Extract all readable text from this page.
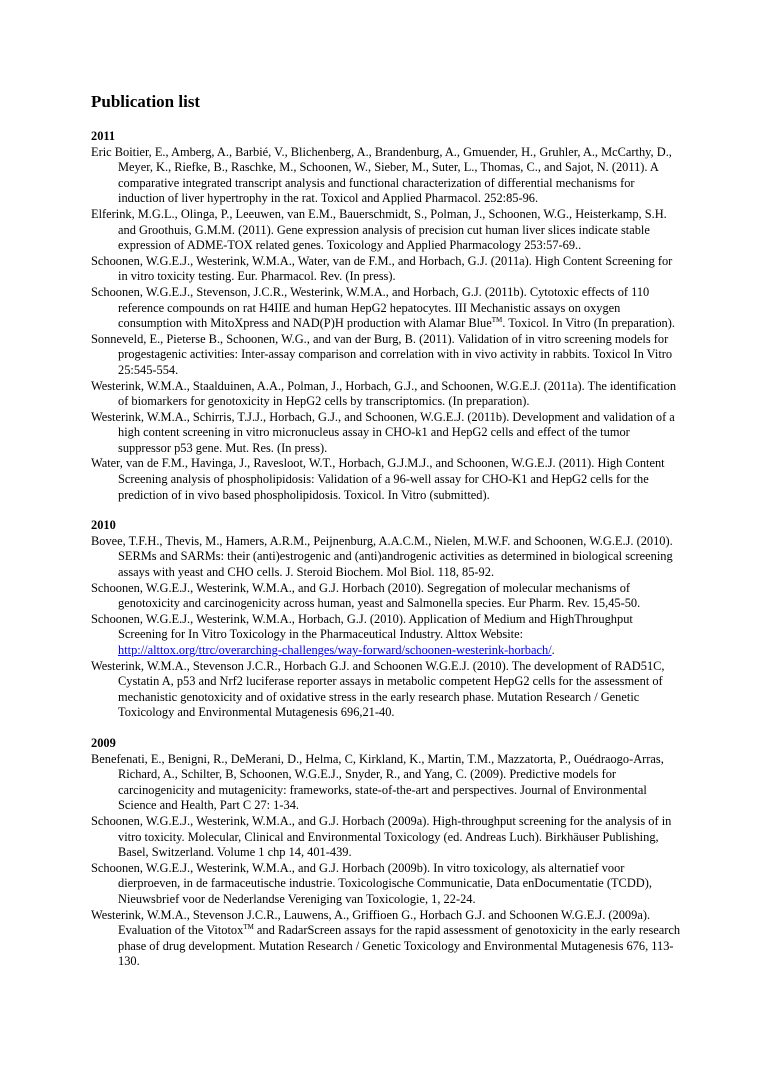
Publication list

2011

Eric Boitier, E., Amberg, A., Barbié, V., Blichenberg, A., Brandenburg, A., Gmuender, H., Gruhler, A., McCarthy, D., Meyer, K., Riefke, B., Raschke, M., Schoonen, W., Sieber, M., Suter, L., Thomas, C., and Sajot, N. (2011). A comparative integrated transcript analysis and functional characterization of differential mechanisms for induction of liver hypertrophy in the rat. Toxicol and Applied Pharmacol. 252:85-96.

Elferink, M.G.L., Olinga, P., Leeuwen, van E.M., Bauerschmidt, S., Polman, J., Schoonen, W.G., Heisterkamp, S.H. and Groothuis, G.M.M. (2011). Gene expression analysis of precision cut human liver slices indicate stable expression of ADME-TOX related genes. Toxicology and Applied Pharmacology 253:57-69..

Schoonen, W.G.E.J., Westerink, W.M.A., Water, van de F.M., and Horbach, G.J. (2011a). High Content Screening for in vitro toxicity testing. Eur. Pharmacol. Rev. (In press).

Schoonen, W.G.E.J., Stevenson, J.C.R., Westerink, W.M.A., and Horbach, G.J. (2011b). Cytotoxic effects of 110 reference compounds on rat H4IIE and human HepG2 hepatocytes. III Mechanistic assays on oxygen consumption with MitoXpress and NAD(P)H production with Alamar Blue™. Toxicol. In Vitro (In preparation).

Sonneveld, E., Pieterse B., Schoonen, W.G., and van der Burg, B. (2011). Validation of in vitro screening models for progestagenic activities: Inter-assay comparison and correlation with in vivo activity in rabbits. Toxicol In Vitro 25:545-554.

Westerink, W.M.A., Staalduinen, A.A., Polman, J., Horbach, G.J., and Schoonen, W.G.E.J. (2011a). The identification of biomarkers for genotoxicity in HepG2 cells by transcriptomics. (In preparation).

Westerink, W.M.A., Schirris, T.J.J., Horbach, G.J., and Schoonen, W.G.E.J. (2011b). Development and validation of a high content screening in vitro micronucleus assay in CHO-k1 and HepG2 cells and effect of the tumor suppressor p53 gene. Mut. Res. (In press).

Water, van de F.M., Havinga, J., Ravesloot, W.T., Horbach, G.J.M.J., and Schoonen, W.G.E.J. (2011). High Content Screening analysis of phospholipidosis: Validation of a 96-well assay for CHO-K1 and HepG2 cells for the prediction of in vivo based phospholipidosis. Toxicol. In Vitro (submitted).

2010

Bovee, T.F.H., Thevis, M., Hamers, A.R.M., Peijnenburg, A.A.C.M., Nielen, M.W.F. and Schoonen, W.G.E.J. (2010). SERMs and SARMs: their (anti)estrogenic and (anti)androgenic activities as determined in biological screening assays with yeast and CHO cells. J. Steroid Biochem. Mol Biol. 118, 85-92.

Schoonen, W.G.E.J., Westerink, W.M.A., and G.J. Horbach (2010). Segregation of molecular mechanisms of genotoxicity and carcinogenicity across human, yeast and Salmonella species. Eur Pharm. Rev. 15,45-50.

Schoonen, W.G.E.J., Westerink, W.M.A., Horbach, G.J. (2010). Application of Medium and HighThroughput Screening for In Vitro Toxicology in the Pharmaceutical Industry. Alttox Website: http://alttox.org/ttrc/overarching-challenges/way-forward/schoonen-westerink-horbach/.

Westerink, W.M.A., Stevenson J.C.R., Horbach G.J. and Schoonen W.G.E.J. (2010). The development of RAD51C, Cystatin A, p53 and Nrf2 luciferase reporter assays in metabolic competent HepG2 cells for the assessment of mechanistic genotoxicity and of oxidative stress in the early research phase. Mutation Research / Genetic Toxicology and Environmental Mutagenesis 696,21-40.

2009

Benefenati, E., Benigni, R., DeMerani, D., Helma, C, Kirkland, K., Martin, T.M., Mazzatorta, P., Ouédraogo-Arras, Richard, A., Schilter, B, Schoonen, W.G.E.J., Snyder, R., and Yang, C. (2009). Predictive models for carcinogenicity and mutagenicity: frameworks, state-of-the-art and perspectives. Journal of Environmental Science and Health, Part C 27: 1-34.

Schoonen, W.G.E.J., Westerink, W.M.A., and G.J. Horbach (2009a). High-throughput screening for the analysis of in vitro toxicity. Molecular, Clinical and Environmental Toxicology (ed. Andreas Luch). Birkhäuser Publishing, Basel, Switzerland. Volume 1 chp 14, 401-439.

Schoonen, W.G.E.J., Westerink, W.M.A., and G.J. Horbach (2009b). In vitro toxicology, als alternatief voor dierproeven, in de farmaceutische industrie. Toxicologische Communicatie, Data enDocumentatie (TCDD), Nieuwsbrief voor de Nederlandse Vereniging van Toxicologie, 1, 22-24.

Westerink, W.M.A., Stevenson J.C.R., Lauwens, A., Griffioen G., Horbach G.J. and Schoonen W.G.E.J. (2009a). Evaluation of the Vitotox™ and RadarScreen assays for the rapid assessment of genotoxicity in the early research phase of drug development. Mutation Research / Genetic Toxicology and Environmental Mutagenesis 676, 113-130.
